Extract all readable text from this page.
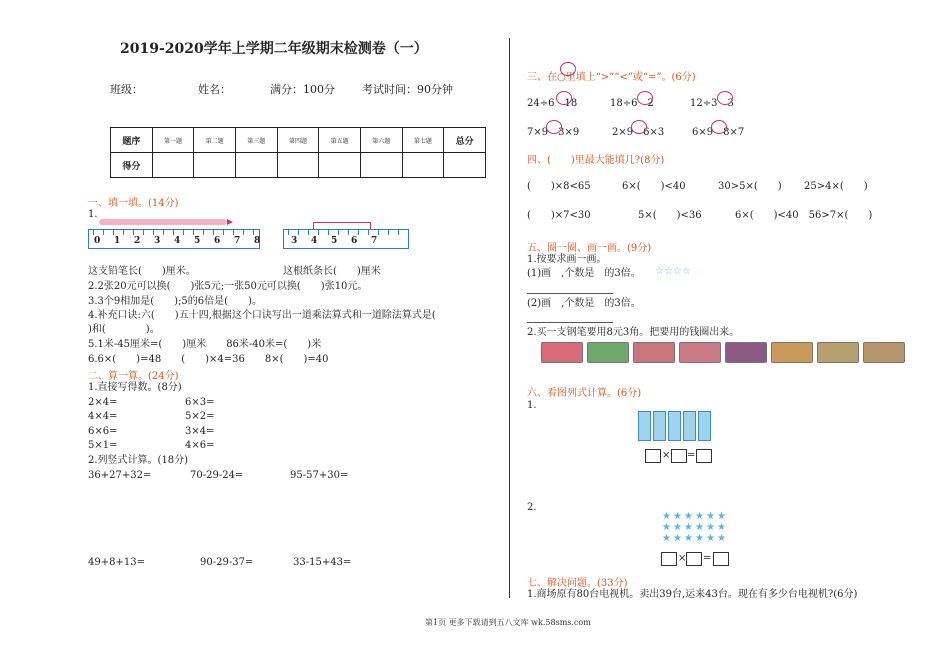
2019-2020学年上学期二年级期末检测卷（一）
班级：	姓名：	满分：100分 考试时间：90分钟
题序	第一题	第二题	第三题	第四题	第五题	第六题	第七题	总分
得分								
一、填一填。(14分)
1.
0 1 2 3 4 5 6 7 8	3 4 5 6 7
这支铅笔长(　　)厘米。	这根纸条长(　　)厘米
2.2张20元可以换(　　)张5元;一张50元可以换(　　)张10元。
3.3个9相加是(　　);5的6倍是(　　)。
4.补充口诀:六(　　)五十四,根据这个口诀写出一道乘法算式和一道除法算式是(
)和(　　　　)。
5.1米-45厘米=(　　)厘米　　86米-40米=(　　)米
6.6×(　　)=48　　(　　)×4=36　　8×(　　)=40
二、算一算。(24分)
1.直接写得数。(8分)
2×4=	6×3=
4×4=	5×2=
6×6=	3×4=
5×1=	4×6=
2.列竖式计算。(18分)
36+27+32=	70-29-24=	95-57+30=
49+8+13=	90-29-37=	33-15+43=
三、在○里填上“>”“<”或“=”。(6分)
24÷6　18	18÷6　2	12÷3　3
7×9　3×9	2×9　6×3	6×9　8×7
四、(　　)里最大能填几?(8分)
(　　)×8<65	6×(　　)<40	30>5×(　　) 25>4×(　　)
(　　)×7<30	5×(　　)<36	6×(　　)<40　56>7×(　　)
五、圈一圈、画一画。(9分)
1.按要求画一画。
(1)画　,个数是　的3倍。 ☆☆☆☆
(2)画　,个数是　的3倍。
2.买一支钢笔要用8元3角。把要用的钱圈出来。
六、看图列式计算。(6分)
1.
× =
2.
★ ★ ★ ★ ★ ★
★ ★ ★ ★ ★ ★
★ ★ ★ ★ ★ ★
× =
七、解决问题。(33分)
1.商场原有80台电视机。卖出39台,运来43台。现在有多少台电视机?(6分)
第1页 更多下载请到五八文库 wk.58sms.com
